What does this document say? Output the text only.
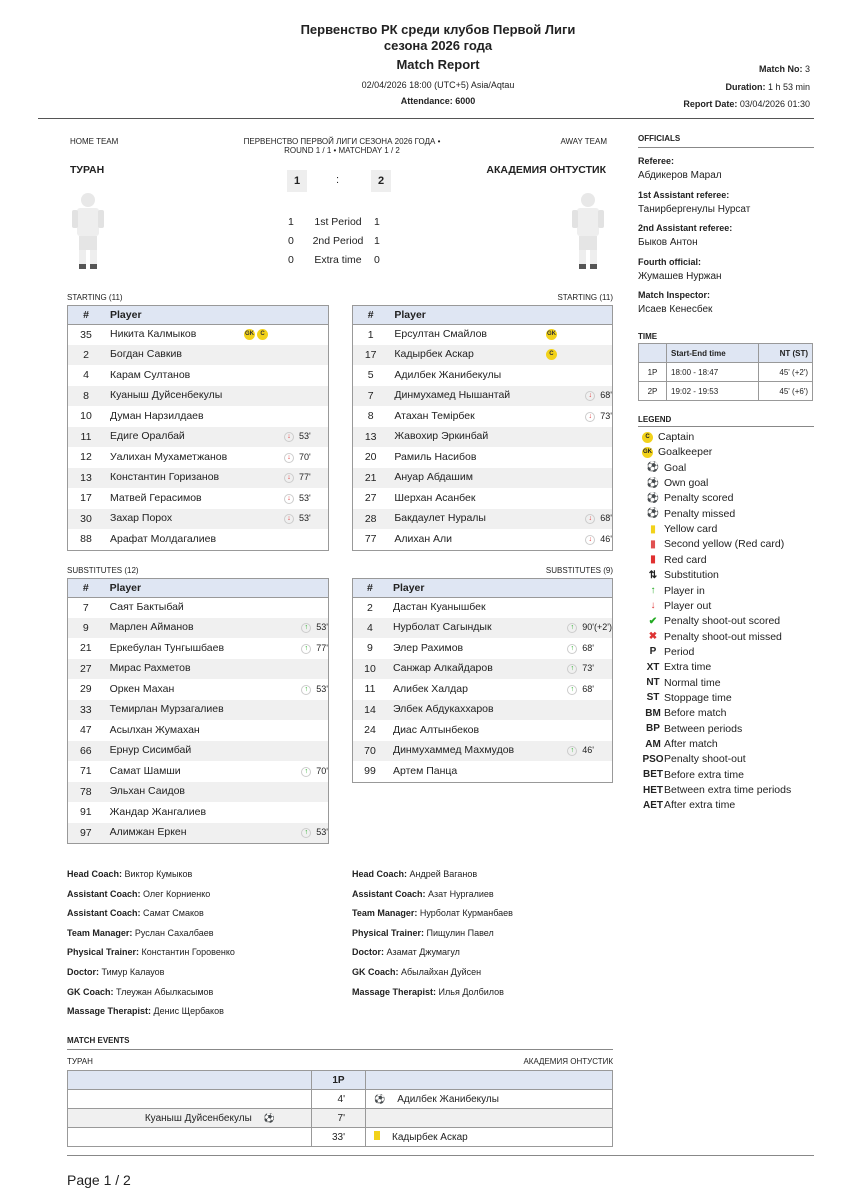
Первенство РК среди клубов Первой Лиги
сезона 2026 года
Match Report
02/04/2026 18:00 (UTC+5) Asia/Aqtau
Attendance: 6000
Match No: 3
Duration: 1 h 53 min
Report Date: 03/04/2026 01:30
HOME TEAM	AWAY TEAM
ПЕРВЕНСТВО ПЕРВОЙ ЛИГИ СЕЗОНА 2026 ГОДА •
ROUND 1 / 1 • MATCHDAY 1 / 2
ТУРАН	АКАДЕМИЯ ОНТУСТИК
1	:	2
1	1st Period	1
0	2nd Period	1
0	Extra time	0
STARTING (11)	STARTING (11)
#	Player		
35	Никита Калмыков	GK C	
2	Богдан Савкив		
4	Карам Султанов		
8	Куаныш Дуйсенбекулы		
10	Думан Нарзилдаев		
11	Едиге Оралбай		↓ 53'
12	Уалихан Мухаметжанов		↓ 70'
13	Константин Горизанов		↓ 77'
17	Матвей Герасимов		↓ 53'
30	Захар Порох		↓ 53'
88	Арафат Молдагалиев		
#	Player		
1	Ерсултан Смайлов	GK	
17	Кадырбек Аскар	C	
5	Адилбек Жанибекулы		
7	Динмухамед Нышантай		↓ 68'
8	Атахан Темірбек		↓ 73'
13	Жавохир Эркинбай		
20	Рамиль Насибов		
21	Ануар Абдашим		
27	Шерхан Асанбек		
28	Бакдаулет Нуралы		↓ 68'
77	Алихан Али		↓ 46'
SUBSTITUTES (12)	SUBSTITUTES (9)
#	Player		
7	Саят Бактыбай		
9	Марлен Айманов		↑ 53'
21	Еркебулан Тунгышбаев		↑ 77'
27	Мирас Рахметов		
29	Оркен Махан		↑ 53'
33	Темирлан Мурзагалиев		
47	Асылхан Жумахан		
66	Ернур Сисимбай		
71	Самат Шамши		↑ 70'
78	Эльхан Саидов		
91	Жандар Жангалиев		
97	Алимжан Еркен		↑ 53'
#	Player		
2	Дастан Куанышбек		
4	Нурболат Сагындык		↑ 90'(+2')
9	Элер Рахимов		↑ 68'
10	Санжар Алкайдаров		↑ 73'
11	Алибек Халдар		↑ 68'
14	Элбек Абдукаххаров		
24	Диас Алтынбеков		
70	Динмухаммед Махмудов		↑ 46'
99	Артем Панца		
OFFICIALS
Referee:
Абдикеров Марал
1st Assistant referee:
Танирбергенулы Нурсат
2nd Assistant referee:
Быков Антон
Fourth official:
Жумашев Нуржан
Match Inspector:
Исаев Кенесбек
TIME
	Start-End time	NT (ST)
1P	18:00 - 18:47	45' (+2')
2P	19:02 - 19:53	45' (+6')
LEGEND
C Captain
GK Goalkeeper
⚽ Goal
⚽ Own goal
⚽ Penalty scored
⚽ Penalty missed
▮ Yellow card
▮ Second yellow (Red card)
▮ Red card
⇅ Substitution
↑ Player in
↓ Player out
✔ Penalty shoot-out scored
✖ Penalty shoot-out missed
P Period
XT Extra time
NT Normal time
ST Stoppage time
BM Before match
BP Between periods
AM After match
PSO Penalty shoot-out
BET Before extra time
HET Between extra time periods
AET After extra time
Head Coach: Виктор Кумыков
Assistant Coach: Олег Корниенко
Assistant Coach: Самат Смаков
Team Manager: Руслан Сахалбаев
Physical Trainer: Константин Горовенко
Doctor: Тимур Калауов
GK Coach: Тлеужан Абылкасымов
Massage Therapist: Денис Щербаков
Head Coach: Андрей Ваганов
Assistant Coach: Азат Нургалиев
Team Manager: Нурболат Курманбаев
Physical Trainer: Пищулин Павел
Doctor: Азамат Джумагул
GK Coach: Абылайхан Дуйсен
Massage Therapist: Илья Долбилов
MATCH EVENTS
ТУРАН	АКАДЕМИЯ ОНТУСТИК
	1P	
	4'	⚽ Адилбек Жанибекулы
Куаныш Дуйсенбекулы ⚽	7'	
	33'	Кадырбек Аскар
Page 1 / 2
